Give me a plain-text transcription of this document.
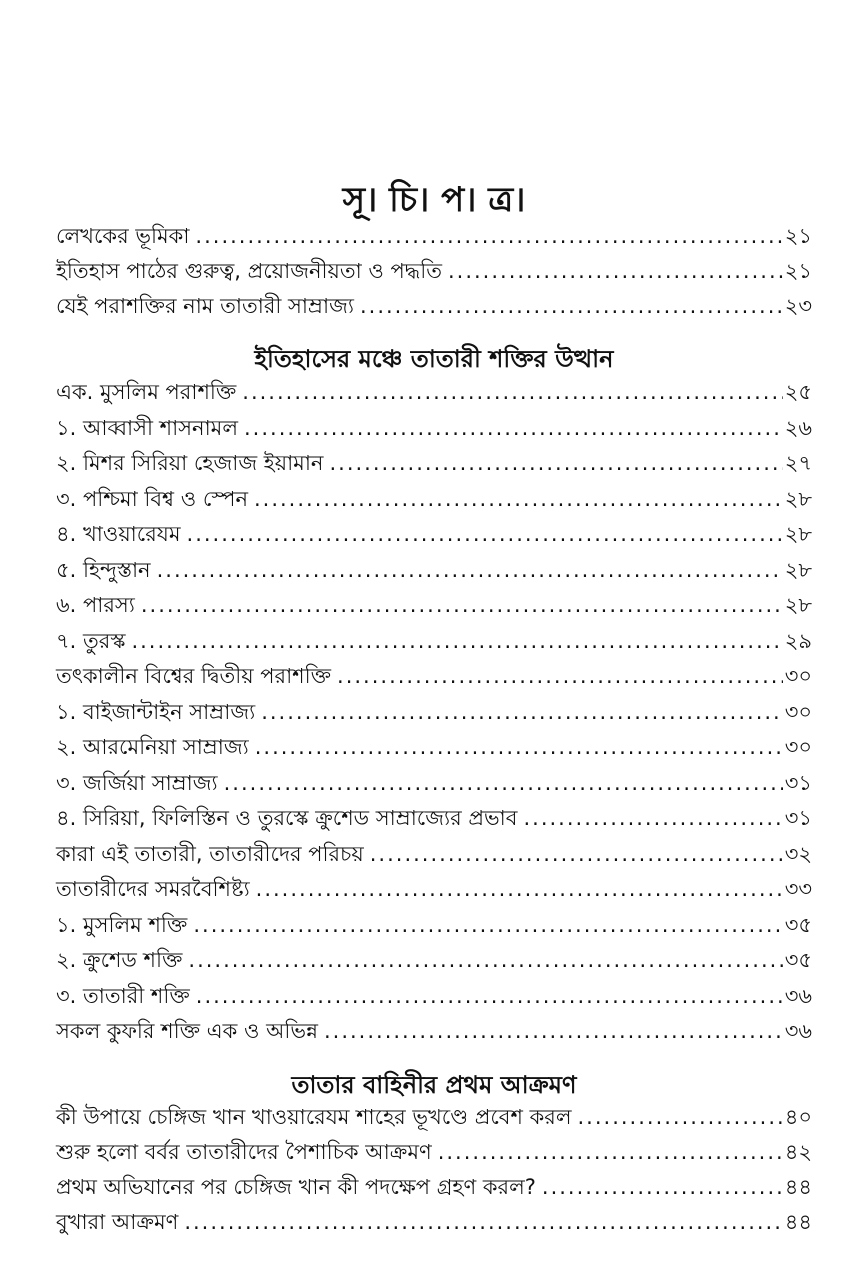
সূ। চি। প। ত্র।
লেখকের ভূমিকা .....	২১
ইতিহাস পাঠের গুরুত্ব, প্রয়োজনীয়তা ও পদ্ধতি .....	২১
যেই পরাশক্তির নাম তাতারী সাম্রাজ্য .....	২৩
ইতিহাসের মঞ্চে তাতারী শক্তির উত্থান
এক. মুসলিম পরাশক্তি .....	২৫
১. আব্বাসী শাসনামল .....	২৬
২. মিশর সিরিয়া হেজাজ ইয়ামান .....	২৭
৩. পশ্চিমা বিশ্ব ও স্পেন .....	২৮
৪. খাওয়ারেযম .....	২৮
৫. হিন্দুস্তান .....	২৮
৬. পারস্য .....	২৮
৭. তুরস্ক .....	২৯
তৎকালীন বিশ্বের দ্বিতীয় পরাশক্তি .....	৩০
১. বাইজান্টাইন সাম্রাজ্য .....	৩০
২. আরমেনিয়া সাম্রাজ্য .....	৩০
৩. জর্জিয়া সাম্রাজ্য .....	৩১
৪. সিরিয়া, ফিলিস্তিন ও তুরস্কে ক্রুশেড সাম্রাজ্যের প্রভাব .....	৩১
কারা এই তাতারী, তাতারীদের পরিচয় .....	৩২
তাতারীদের সমরবৈশিষ্ট্য .....	৩৩
১. মুসলিম শক্তি .....	৩৫
২. ক্রুশেড শক্তি .....	৩৫
৩. তাতারী শক্তি .....	৩৬
সকল কুফরি শক্তি এক ও অভিন্ন .....	৩৬
তাতার বাহিনীর প্রথম আক্রমণ
কী উপায়ে চেঙ্গিজ খান খাওয়ারেযম শাহের ভূখণ্ডে প্রবেশ করল .....	৪০
শুরু হলো বর্বর তাতারীদের পৈশাচিক আক্রমণ .....	৪২
প্রথম অভিযানের পর চেঙ্গিজ খান কী পদক্ষেপ গ্রহণ করল? .....	৪৪
বুখারা আক্রমণ .....	৪৪
